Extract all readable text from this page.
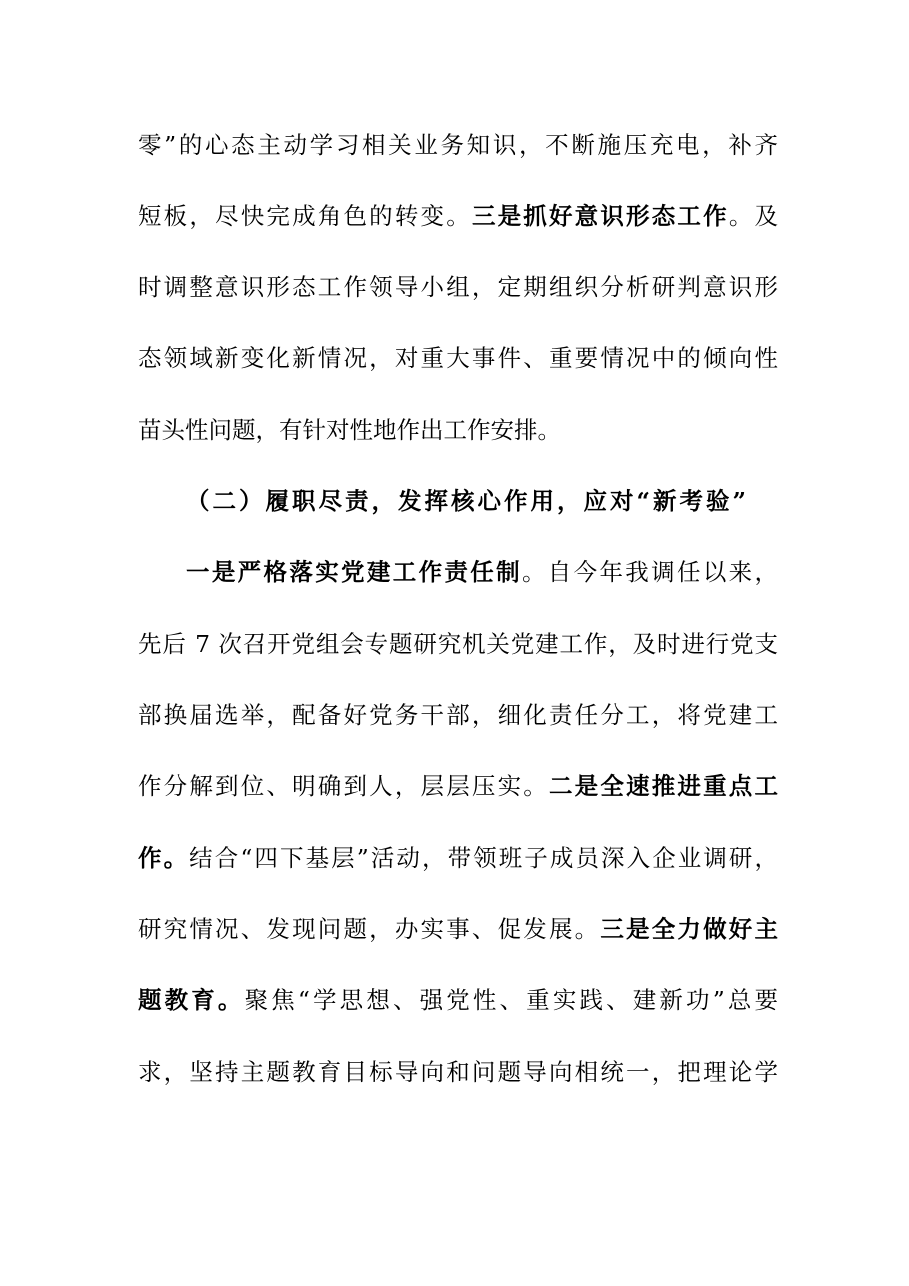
零”的心态主动学习相关业务知识，不断施压充电，补齐
短板，尽快完成角色的转变。三是抓好意识形态工作。及
时调整意识形态工作领导小组，定期组织分析研判意识形
态领域新变化新情况，对重大事件、重要情况中的倾向性
苗头性问题，有针对性地作出工作安排。
（二）履职尽责，发挥核心作用，应对“新考验”
一是严格落实党建工作责任制。自今年我调任以来，
先后 7 次召开党组会专题研究机关党建工作，及时进行党支
部换届选举，配备好党务干部，细化责任分工，将党建工
作分解到位、明确到人，层层压实。二是全速推进重点工
作。结合“四下基层”活动，带领班子成员深入企业调研，
研究情况、发现问题，办实事、促发展。三是全力做好主
题教育。聚焦“学思想、强党性、重实践、建新功”总要
求，坚持主题教育目标导向和问题导向相统一，把理论学
